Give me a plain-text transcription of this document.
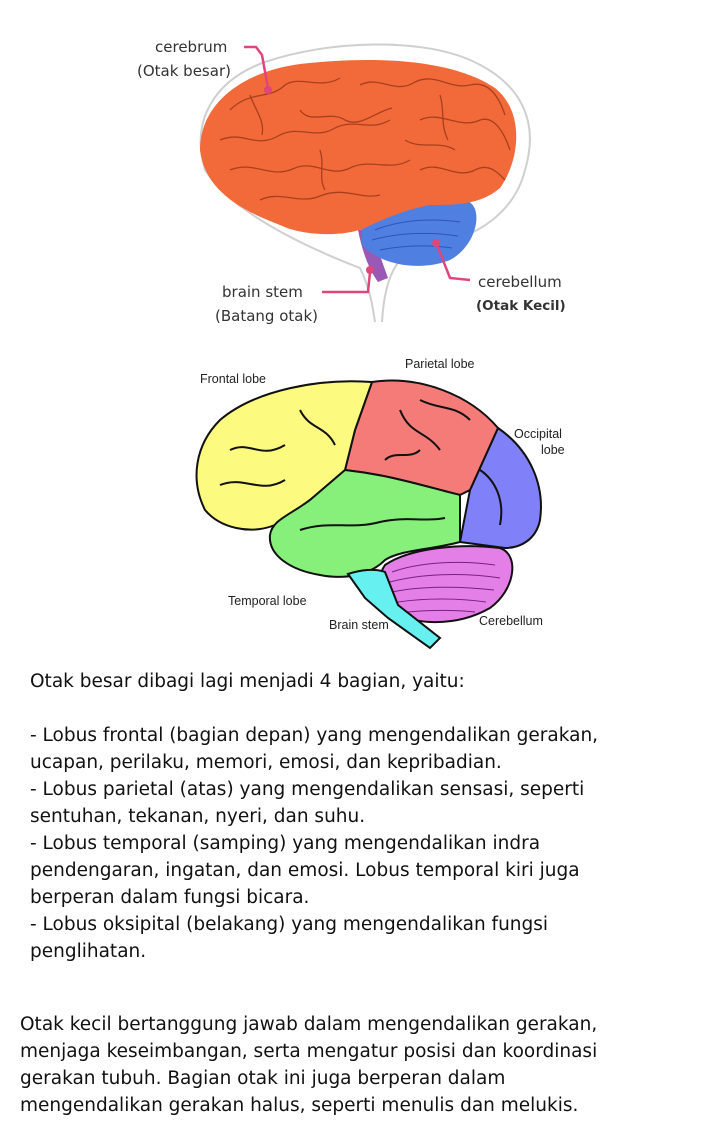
cerebrum
(Otak besar)
brain stem
(Batang otak)
cerebellum
(Otak Kecil)
Frontal lobe
Parietal lobe
Occipital
lobe
Temporal lobe
Brain stem	Cerebellum
Otak besar dibagi lagi menjadi 4 bagian, yaitu:
- Lobus frontal (bagian depan) yang mengendalikan gerakan,
ucapan, perilaku, memori, emosi, dan kepribadian.
- Lobus parietal (atas) yang mengendalikan sensasi, seperti
sentuhan, tekanan, nyeri, dan suhu.
- Lobus temporal (samping) yang mengendalikan indra
pendengaran, ingatan, dan emosi. Lobus temporal kiri juga
berperan dalam fungsi bicara.
- Lobus oksipital (belakang) yang mengendalikan fungsi
penglihatan.
Otak kecil bertanggung jawab dalam mengendalikan gerakan,
menjaga keseimbangan, serta mengatur posisi dan koordinasi
gerakan tubuh. Bagian otak ini juga berperan dalam
mengendalikan gerakan halus, seperti menulis dan melukis.
